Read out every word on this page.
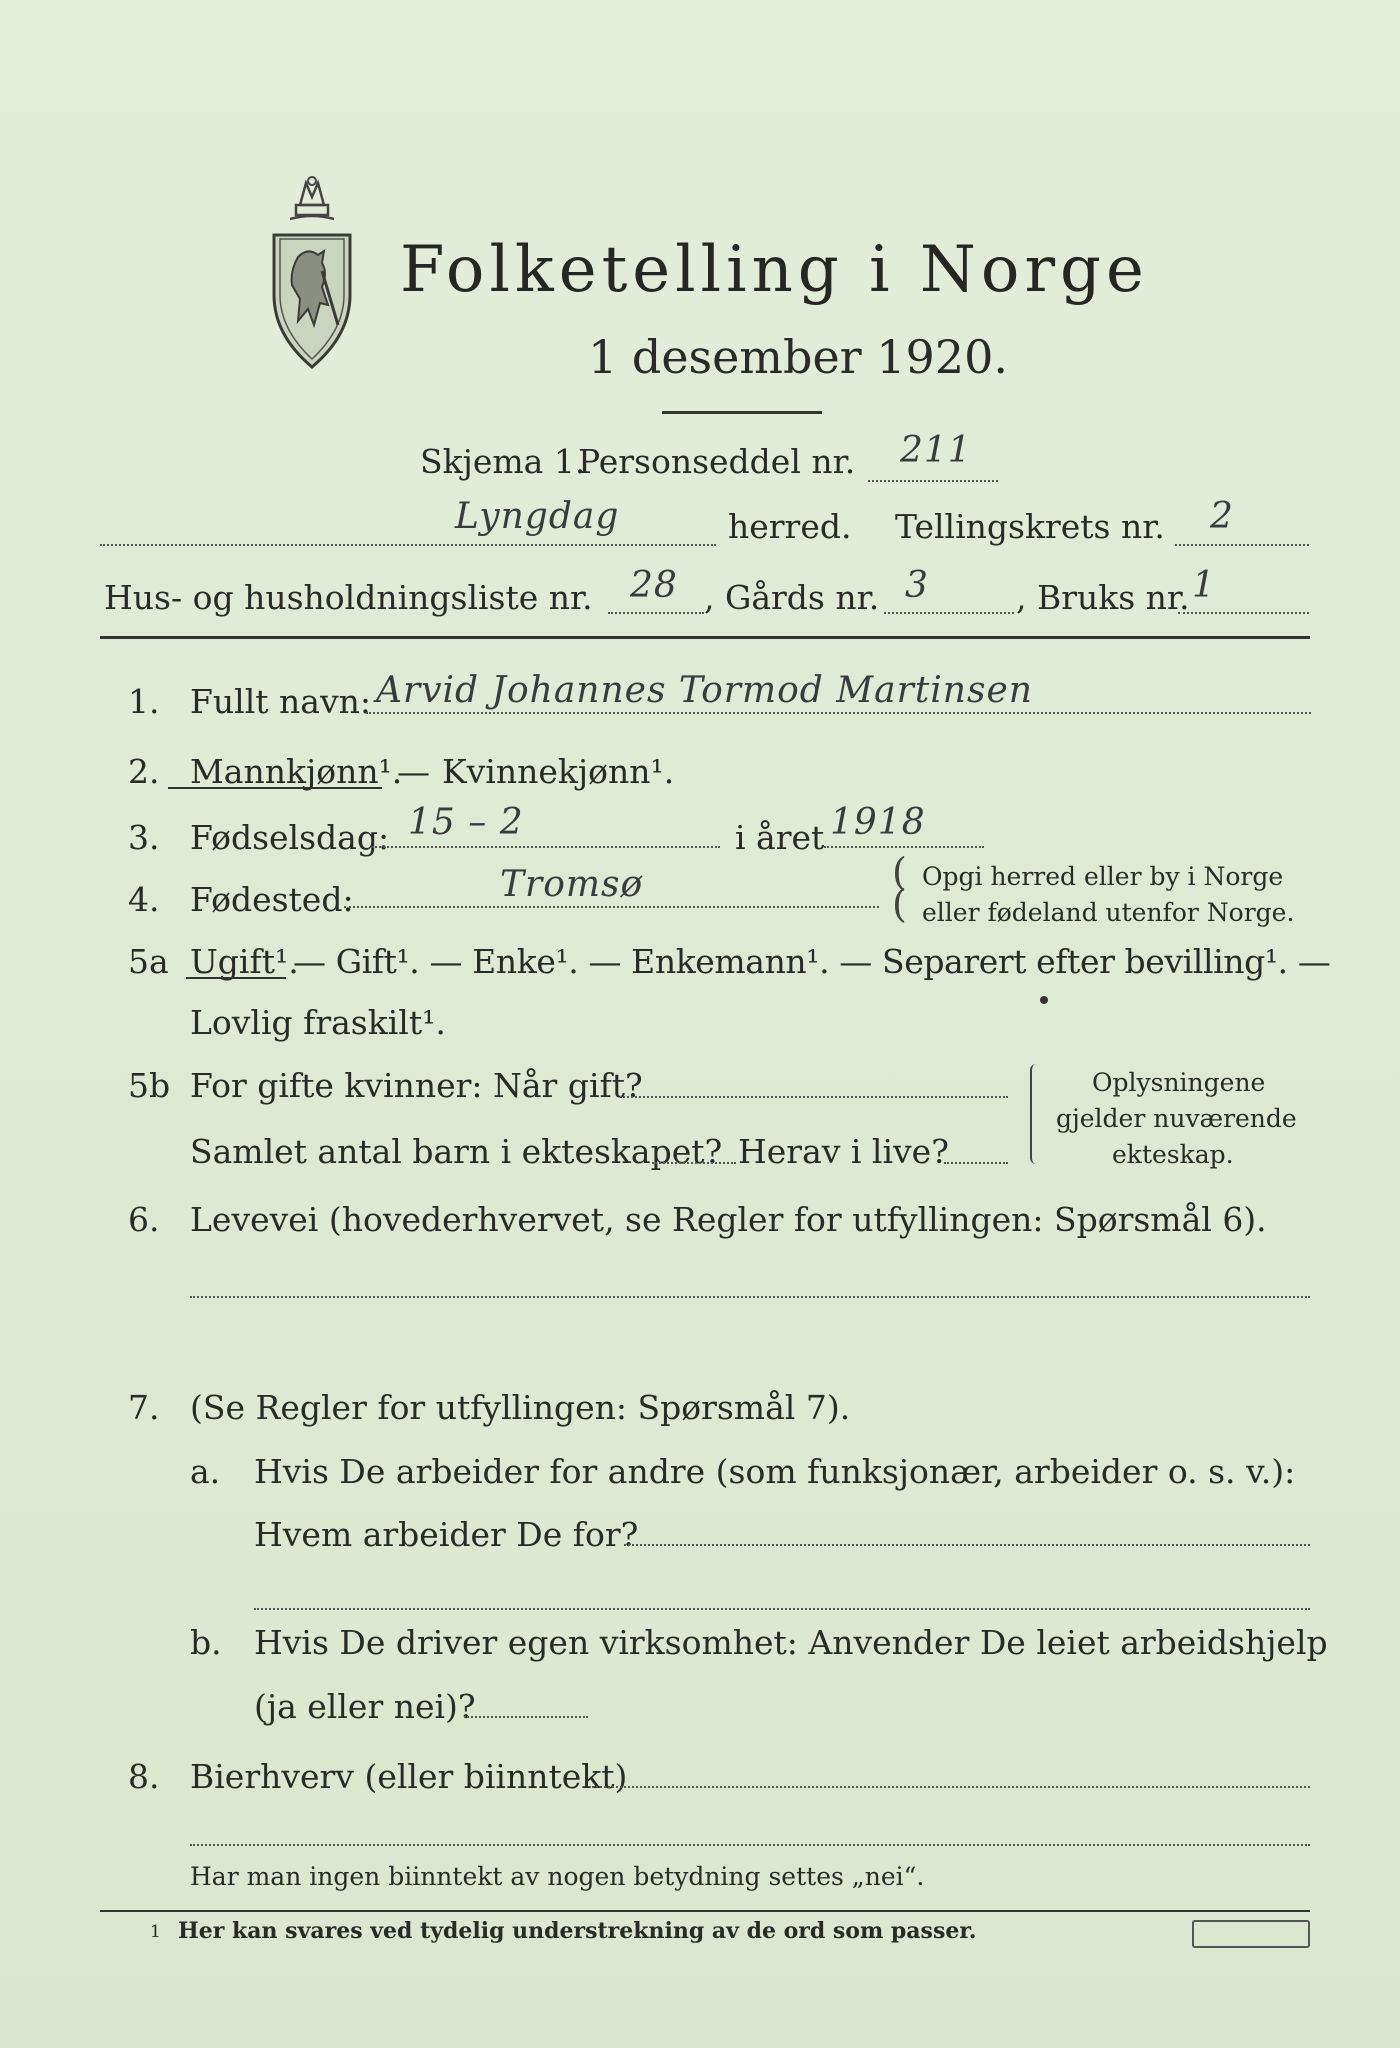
Folketelling i Norge
1 desember 1920.
Skjema 1.
Personseddel nr. 211
Lyngdag	herred. Tellingskrets nr. 2
Hus- og husholdningsliste nr. 28 , Gårds nr. 3	, Bruks nr. 1
1. Fullt navn: Arvid Johannes Tormod Martinsen
2. Mannkjønn¹.
— Kvinnekjønn¹.
3. Fødselsdag: 15 – 2	i året 1918
4. Fødested:	Tromsø	(
(
Opgi herred eller by i Norge
eller fødeland utenfor Norge.
5a Ugift¹.
— Gift¹. — Enke¹. — Enkemann¹. — Separert efter bevilling¹. —
Lovlig fraskilt¹.
5b For gifte kvinner: Når gift?
Samlet antal barn i ekteskapet? Herav i live?
Oplysningene
gjelder nuværende
ekteskap.
6. Levevei (hovederhvervet, se Regler for utfyllingen: Spørsmål 6).
7. (Se Regler for utfyllingen: Spørsmål 7).
a. Hvis De arbeider for andre (som funksjonær, arbeider o. s. v.):
Hvem arbeider De for?
b. Hvis De driver egen virksomhet: Anvender De leiet arbeidshjelp
(ja eller nei)?
8. Bierhverv (eller biinntekt)
Har man ingen biinntekt av nogen betydning settes „nei“.
1 Her kan svares ved tydelig understrekning av de ord som passer.
